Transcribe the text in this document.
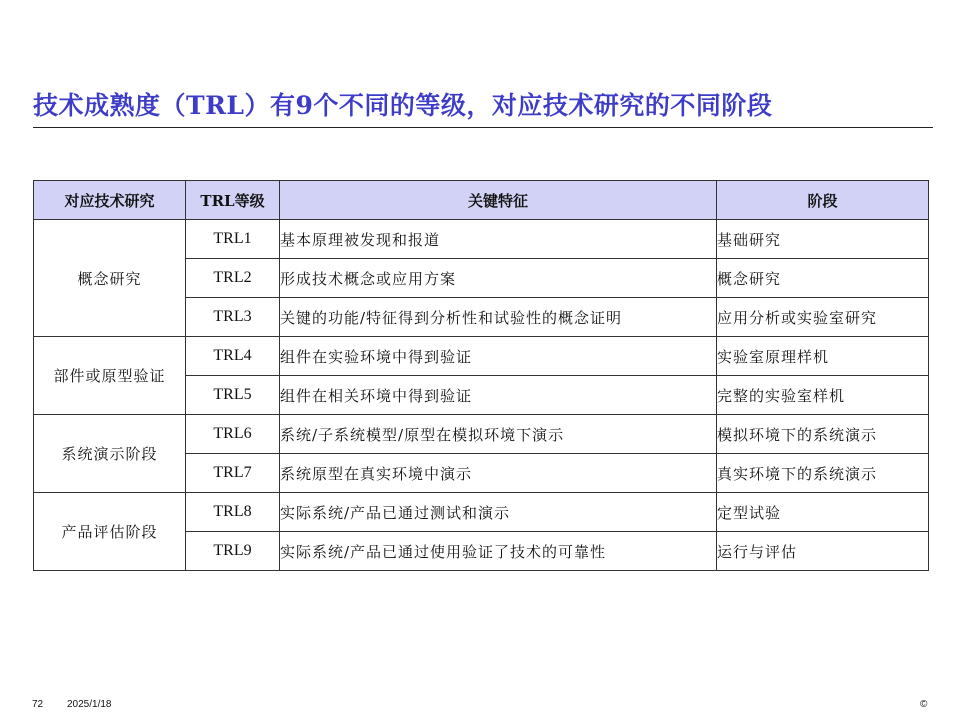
技术成熟度（TRL）有9个不同的等级，对应技术研究的不同阶段
对应技术研究	TRL等级	关键特征	阶段
概念研究	TRL1	基本原理被发现和报道	基础研究
	TRL2	形成技术概念或应用方案	概念研究
	TRL3	关键的功能/特征得到分析性和试验性的概念证明	应用分析或实验室研究
部件或原型验证	TRL4	组件在实验环境中得到验证	实验室原理样机
	TRL5	组件在相关环境中得到验证	完整的实验室样机
系统演示阶段	TRL6	系统/子系统模型/原型在模拟环境下演示	模拟环境下的系统演示
	TRL7	系统原型在真实环境中演示	真实环境下的系统演示
产品评估阶段	TRL8	实际系统/产品已通过测试和演示	定型试验
	TRL9	实际系统/产品已通过使用验证了技术的可靠性	运行与评估
72 2025/1/18	©
